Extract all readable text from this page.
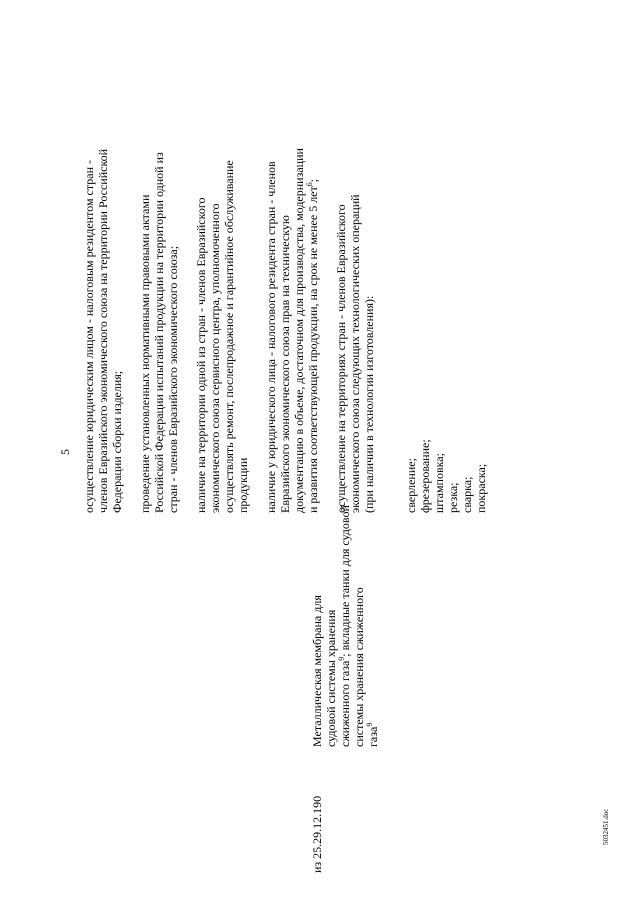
5
из 25.29.12.190
Металлическая мембрана для судовой системы хранения сжиженного газа$^9$; вкладные танки для судовой
системы хранения сжиженного газа$^9$
осуществление юридическим лицом - налоговым резидентом стран - членов Евразийского экономического союза на территории Российской Федерации сборки изделия; проведение установленных нормативными правовыми актами Российской Федерации испытаний продукции на территории одной из стран - членов Евразийского экономического союза; наличие на территории одной из стран - членов Евразийского экономического союза сервисного центра, уполномоченного осуществлять ремонт, послепродажное и гарантийное обслуживание продукции наличие у юридического лица - налогового резидента стран - членов Евразийского экономического союза прав на техническую документацию в объеме, достаточном для производства, модернизации и развития соответствующей продукции, на срок не менее 5 лет$^6$;
осуществление на территориях стран - членов Евразийского экономического союза следующих технологических операций (при наличии в технологии изготовления): сверление; фрезерование; штамповка; резка; сварка; покраска;
5032451.doc
